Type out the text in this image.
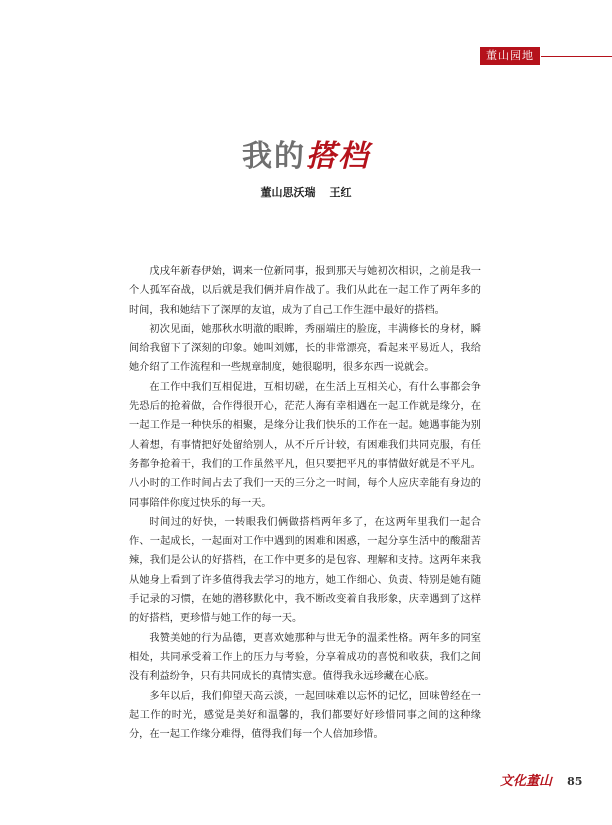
董山园地
我的搭档
董山思沃瑞 王红

戊戌年新春伊始，调来一位新同事，报到那天与她初次相识，之前是我一个人孤军奋战，以后就是我们俩并肩作战了。我们从此在一起工作了两年多的时间，我和她结下了深厚的友谊，成为了自己工作生涯中最好的搭档。

初次见面，她那秋水明澈的眼眸，秀丽端庄的脸庞，丰满修长的身材，瞬间给我留下了深刻的印象。她叫刘娜，长的非常漂亮，看起来平易近人，我给她介绍了工作流程和一些规章制度，她很聪明，很多东西一说就会。

在工作中我们互相促进，互相切磋，在生活上互相关心，有什么事都会争先恐后的抢着做，合作得很开心，茫茫人海有幸相遇在一起工作就是缘分，在一起工作是一种快乐的相聚，是缘分让我们快乐的工作在一起。她遇事能为别人着想，有事情把好处留给别人，从不斤斤计较，有困难我们共同克服，有任务都争抢着干，我们的工作虽然平凡，但只要把平凡的事情做好就是不平凡。八小时的工作时间占去了我们一天的三分之一时间，每个人应庆幸能有身边的同事陪伴你度过快乐的每一天。

时间过的好快，一转眼我们俩做搭档两年多了，在这两年里我们一起合作、一起成长，一起面对工作中遇到的困难和困惑，一起分享生活中的酸甜苦辣，我们是公认的好搭档，在工作中更多的是包容、理解和支持。这两年来我从她身上看到了许多值得我去学习的地方，她工作细心、负责、特别是她有随手记录的习惯，在她的潜移默化中，我不断改变着自我形象，庆幸遇到了这样的好搭档，更珍惜与她工作的每一天。

我赞美她的行为品德，更喜欢她那种与世无争的温柔性格。两年多的同室相处，共同承受着工作上的压力与考验，分享着成功的喜悦和收获，我们之间没有利益纷争，只有共同成长的真情实意。值得我永远珍藏在心底。

多年以后，我们仰望天高云淡，一起回味难以忘怀的记忆，回味曾经在一起工作的时光，感觉是美好和温馨的，我们都要好好珍惜同事之间的这种缘分，在一起工作缘分难得，值得我们每一个人倍加珍惜。

文化董山 85
